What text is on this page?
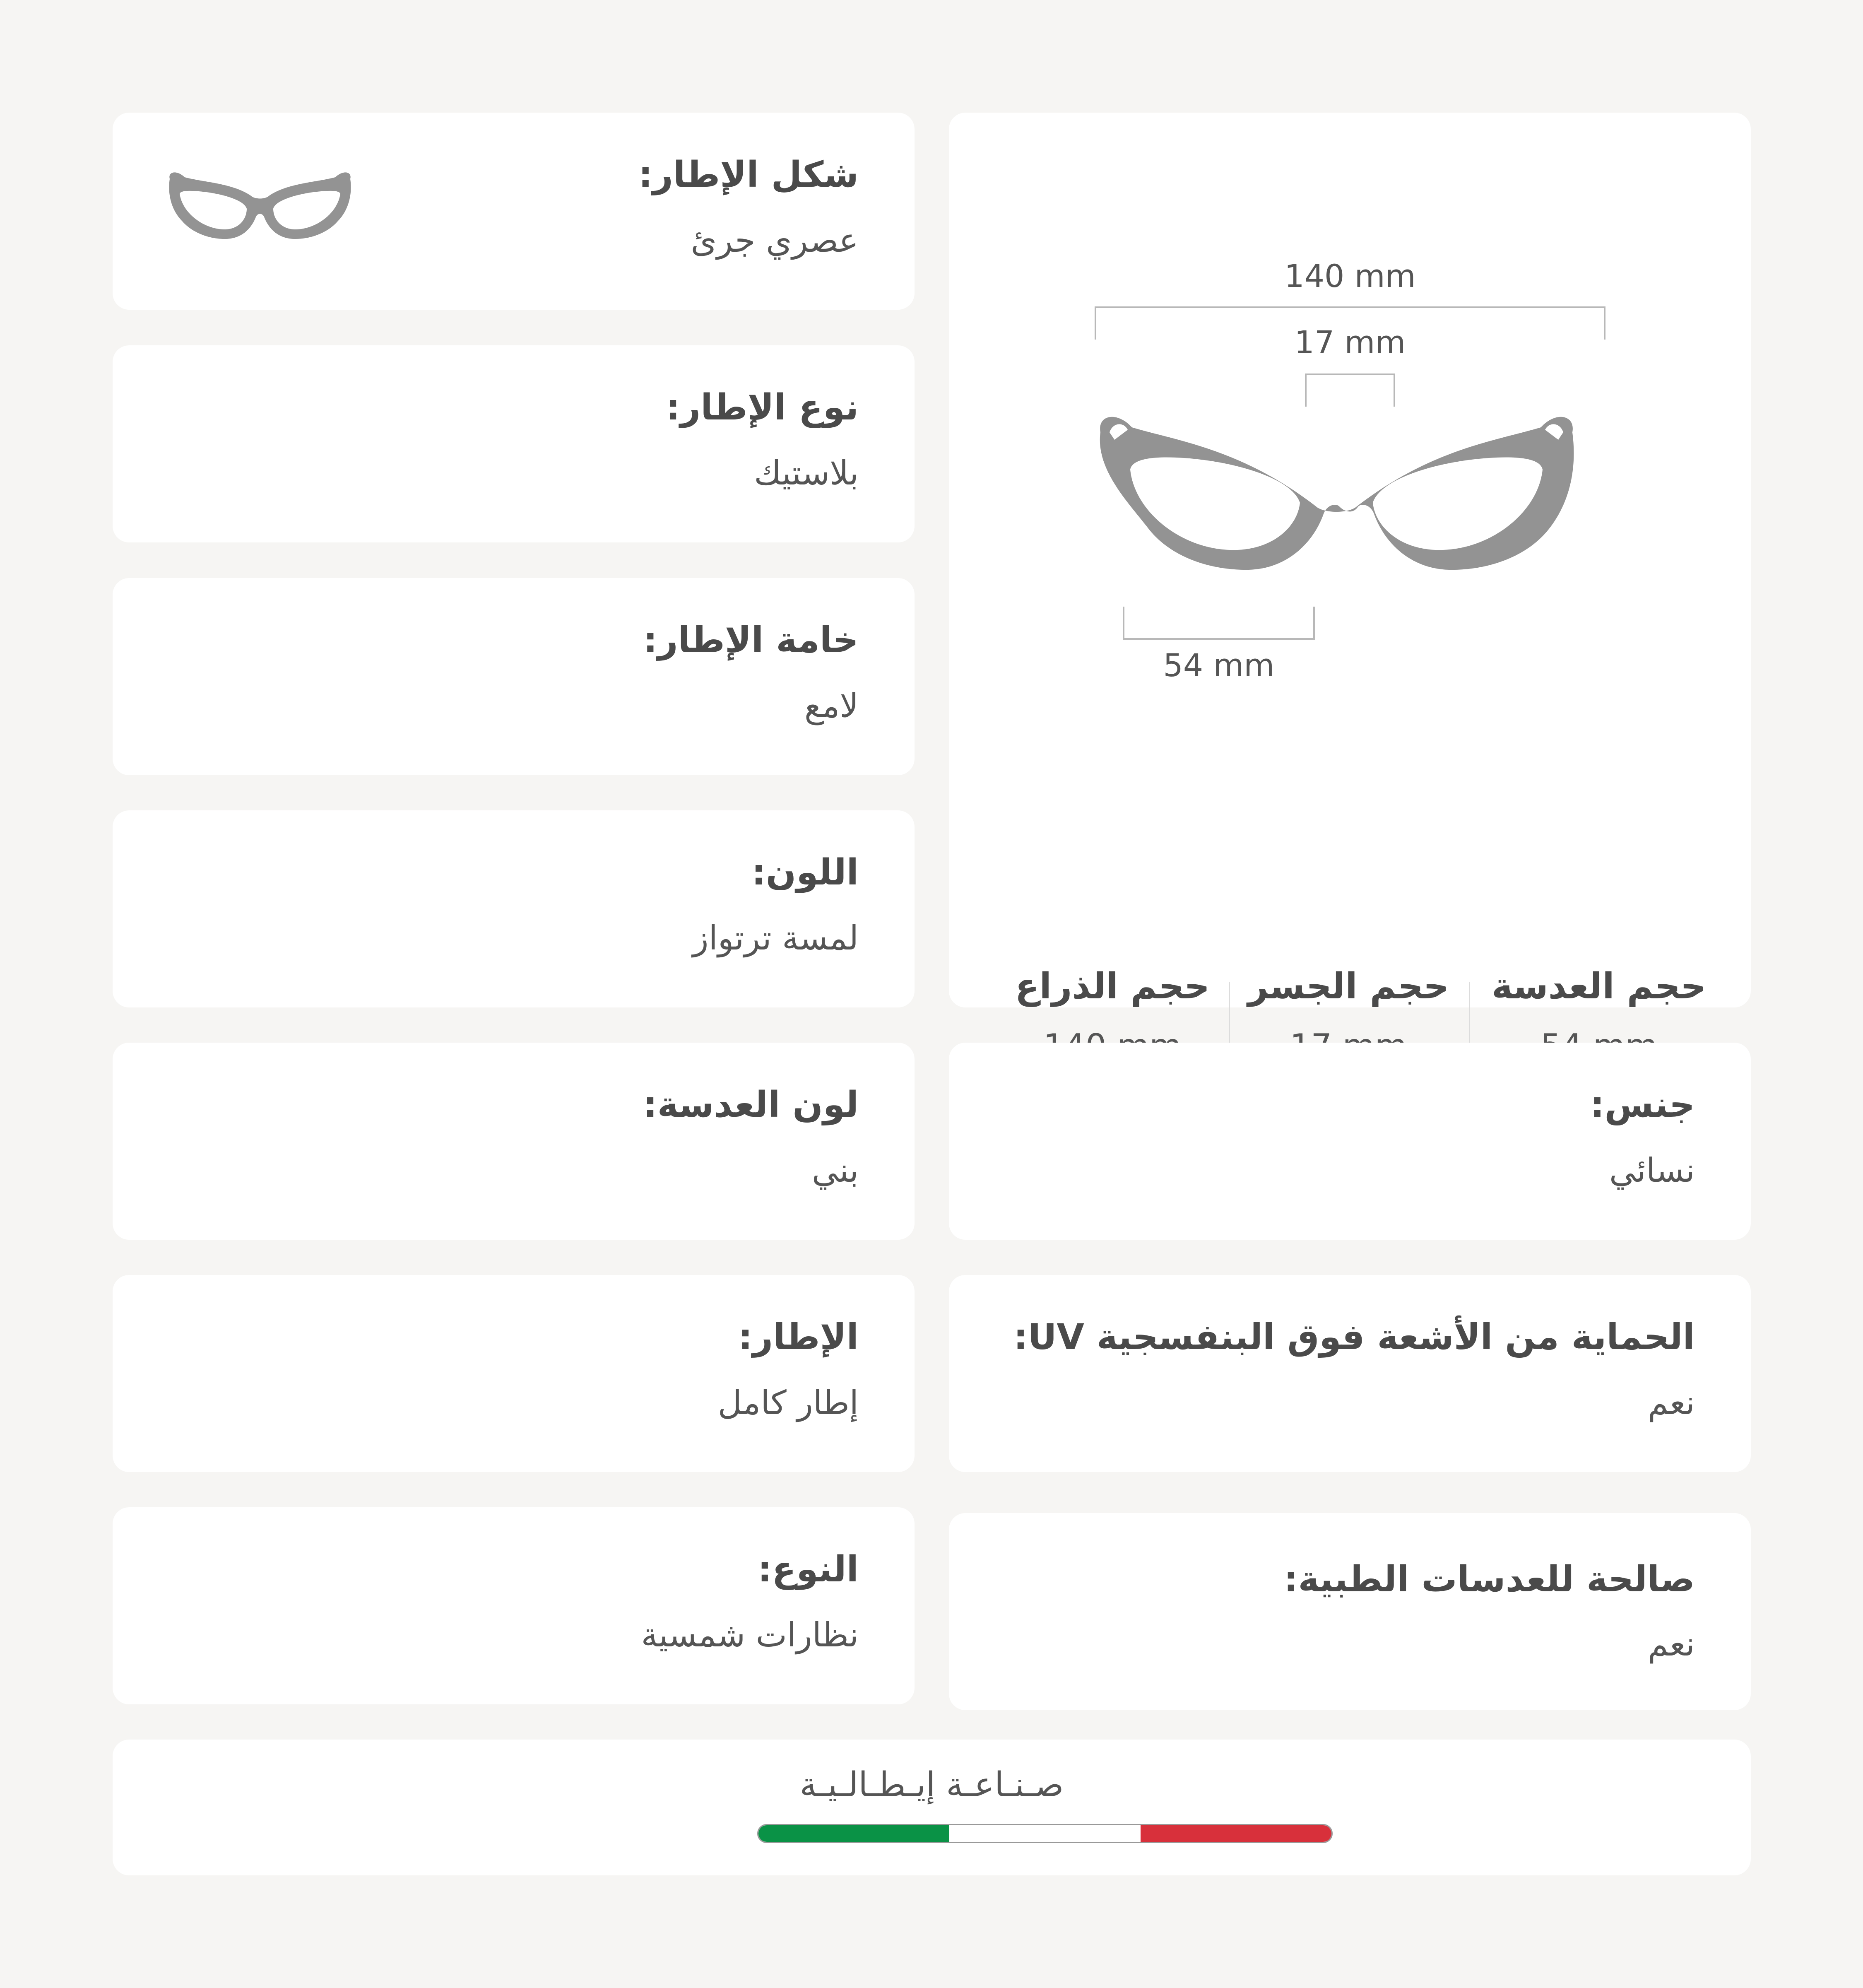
شكل الإطار:
عصري جرئ
نوع الإطار:
بلاستيك
خامة الإطار:
لامع
اللون:
لمسة ترتواز
لون العدسة:
بني
الإطار:
إطار كامل
النوع:
نظارات شمسية
140 mm
17 mm
54 mm
حجم الذراع	حجم الجسر	حجم العدسة
جنس:
نسائي
الحماية من الأشعة فوق البنفسجية UV:
نعم
صالحة للعدسات الطبية:
نعم
صـنـاعـة إيـطـالـيـة
